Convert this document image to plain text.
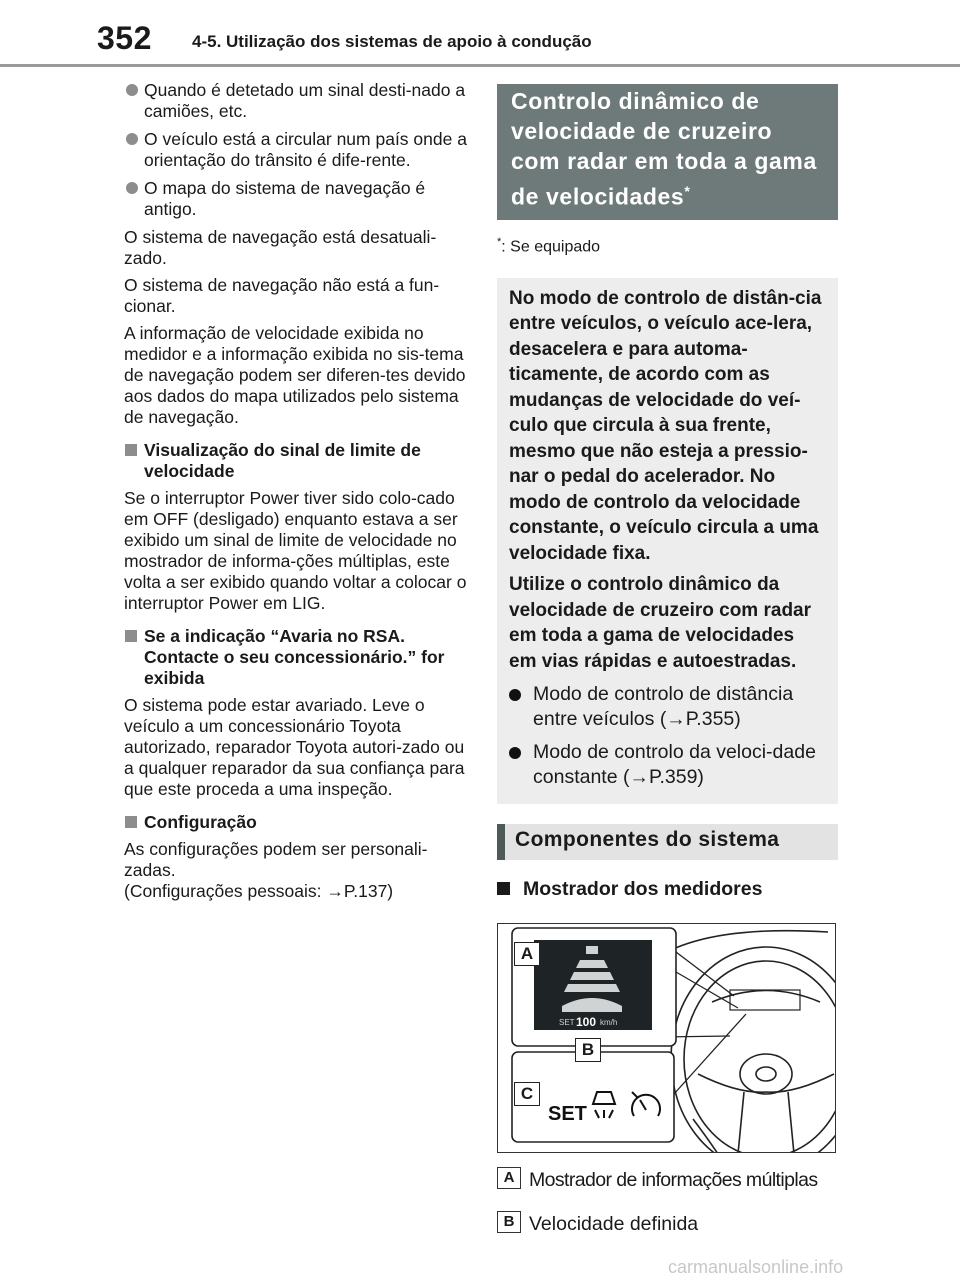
352 4-5. Utilização dos sistemas de apoio à condução
Quando é detetado um sinal desti-nado a camiões, etc.
O veículo está a circular num país onde a orientação do trânsito é dife-rente.
O mapa do sistema de navegação é antigo.

O sistema de navegação está desatuali-zado.

O sistema de navegação não está a fun-cionar.

A informação de velocidade exibida no medidor e a informação exibida no sis-tema de navegação podem ser diferen-tes devido aos dados do mapa utilizados pelo sistema de navegação.

Visualização do sinal de limite de velocidade

Se o interruptor Power tiver sido colo-cado em OFF (desligado) enquanto estava a ser exibido um sinal de limite de velocidade no mostrador de informa-ções múltiplas, este volta a ser exibido quando voltar a colocar o interruptor Power em LIG.

Se a indicação “Avaria no RSA. Contacte o seu concessionário.” for exibida

O sistema pode estar avariado. Leve o veículo a um concessionário Toyota autorizado, reparador Toyota autori-zado ou a qualquer reparador da sua confiança para que este proceda a uma inspeção.

Configuração

As configurações podem ser personali-zadas.
(Configurações pessoais: →P.137)

Controlo dinâmico de velocidade de cruzeiro com radar em toda a gama de velocidades*
*: Se equipado

No modo de controlo de distân-cia entre veículos, o veículo ace-lera, desacelera e para automa-ticamente, de acordo com as mudanças de velocidade do veí-culo que circula à sua frente, mesmo que não esteja a pressio-nar o pedal do acelerador. No modo de controlo da velocidade constante, o veículo circula a uma velocidade fixa.

Utilize o controlo dinâmico da velocidade de cruzeiro com radar em toda a gama de velocidades em vias rápidas e autoestradas.

Modo de controlo de distância entre veículos (→P.355)
Modo de controlo da veloci-dade constante (→P.359)
Componentes do sistema
Mostrador dos medidores
SET 100 km/h
SET
A
B
C
A Mostrador de informações múltiplas
B Velocidade definida
carmanualsonline.info
